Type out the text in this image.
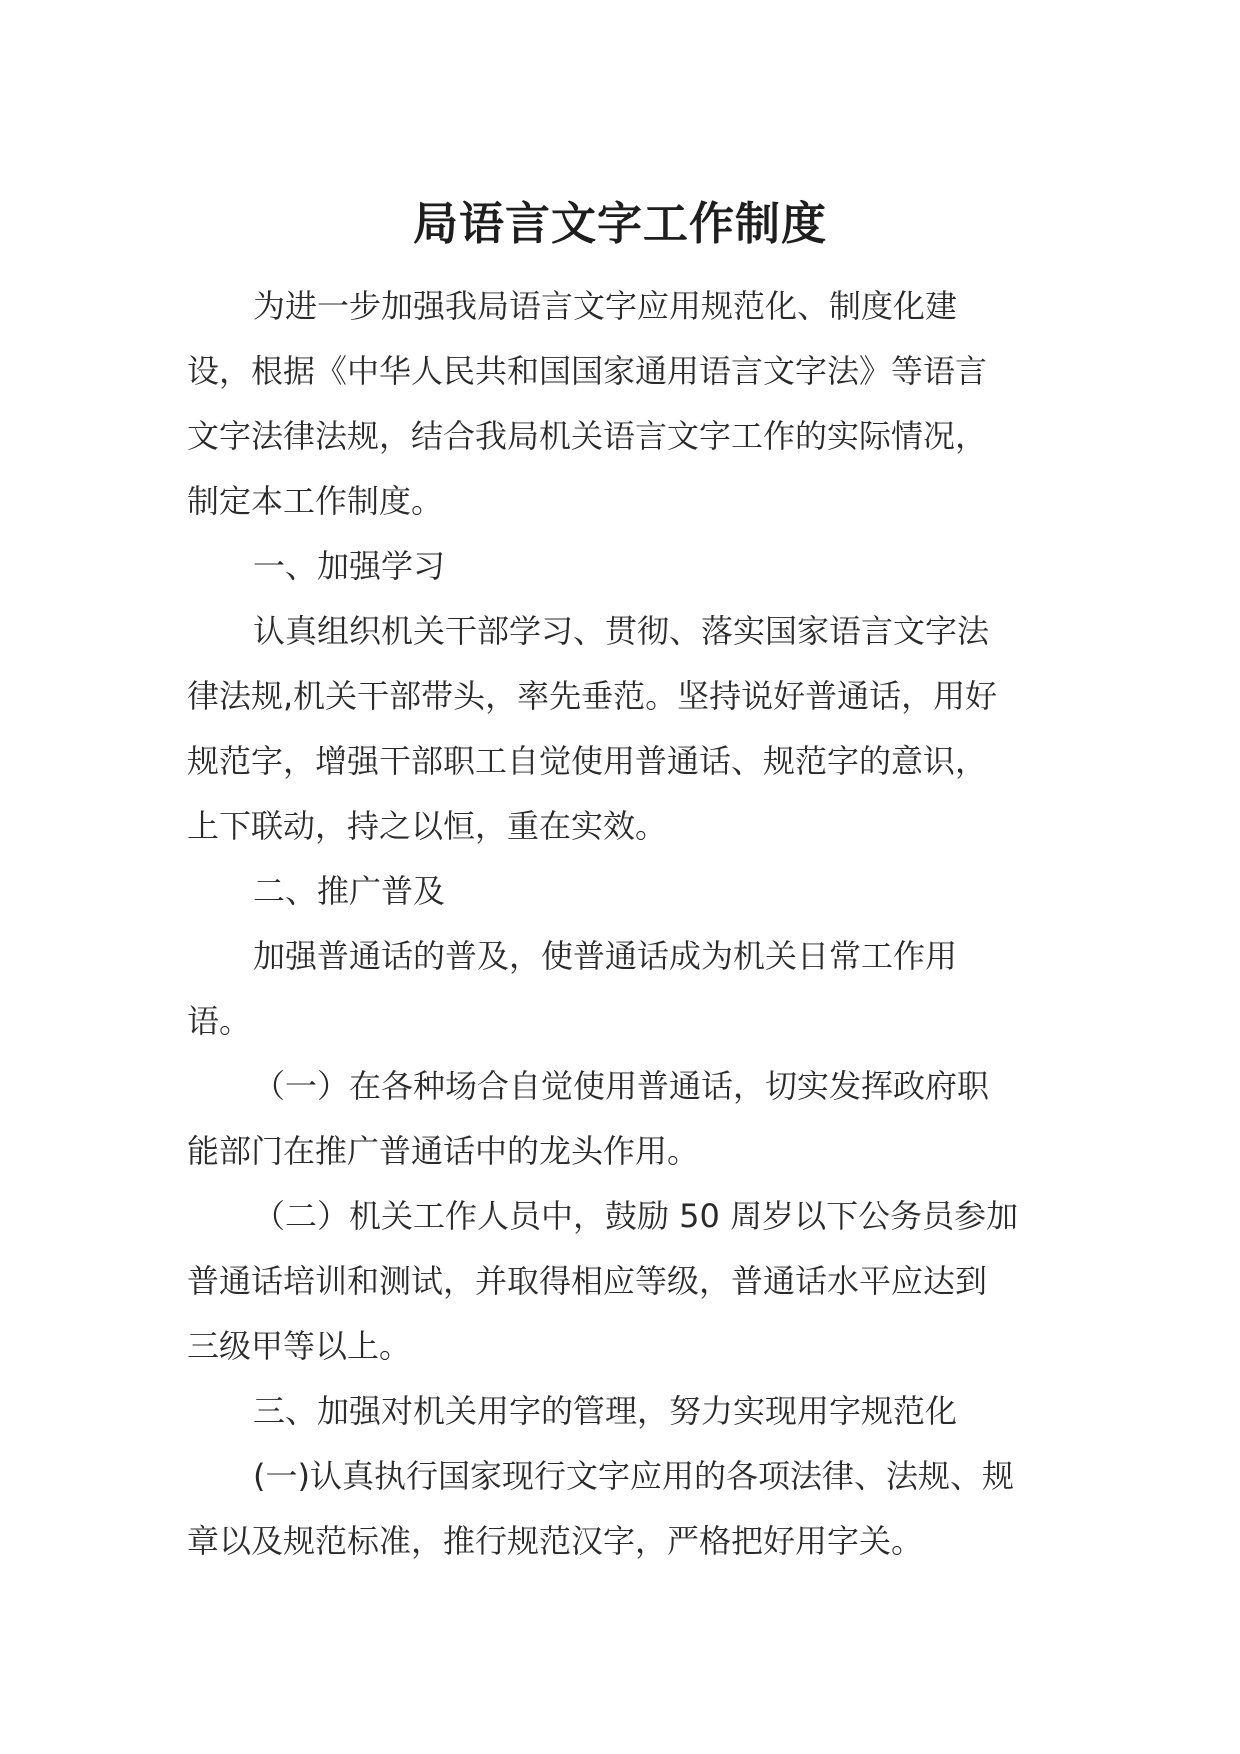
局语言文字工作制度

为进一步加强我局语言文字应用规范化、制度化建
设，根据《中华人民共和国国家通用语言文字法》等语言
文字法律法规，结合我局机关语言文字工作的实际情况，
制定本工作制度。

一、加强学习

认真组织机关干部学习、贯彻、落实国家语言文字法
律法规,机关干部带头，率先垂范。坚持说好普通话，用好
规范字，增强干部职工自觉使用普通话、规范字的意识，
上下联动，持之以恒，重在实效。

二、推广普及

加强普通话的普及，使普通话成为机关日常工作用
语。

（一）在各种场合自觉使用普通话，切实发挥政府职
能部门在推广普通话中的龙头作用。

（二）机关工作人员中，鼓励 50 周岁以下公务员参加
普通话培训和测试，并取得相应等级，普通话水平应达到
三级甲等以上。

三、加强对机关用字的管理，努力实现用字规范化

(一)认真执行国家现行文字应用的各项法律、法规、规
章以及规范标准，推行规范汉字，严格把好用字关。
